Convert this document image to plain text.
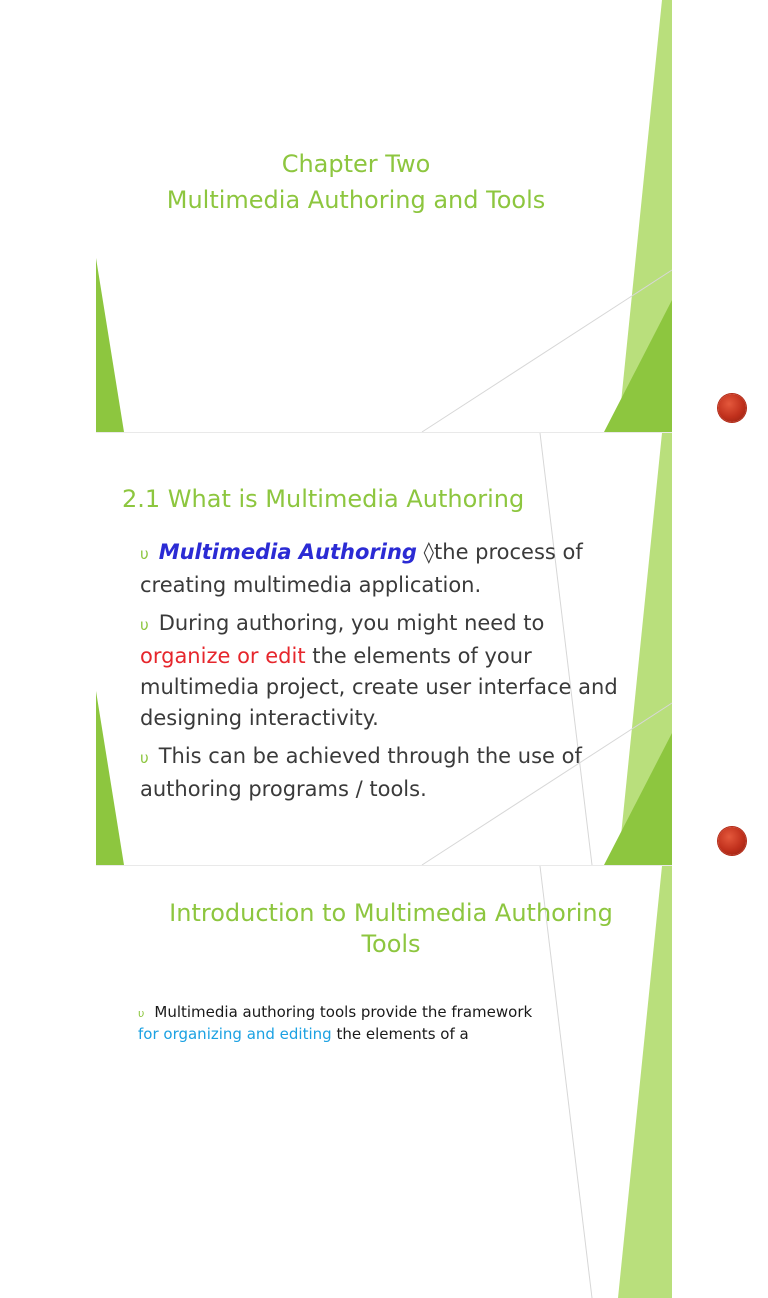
Chapter Two
Multimedia Authoring and Tools
2.1 What is Multimedia Authoring

υ Multimedia Authoring ◊the process of creating multimedia application.

υ During authoring, you might need to organize or edit the elements of your multimedia project, create user interface and designing interactivity.

υ This can be achieved through the use of authoring programs / tools.

Introduction to Multimedia Authoring Tools
υ Multimedia authoring tools provide the framework
for organizing and editing the elements of a
